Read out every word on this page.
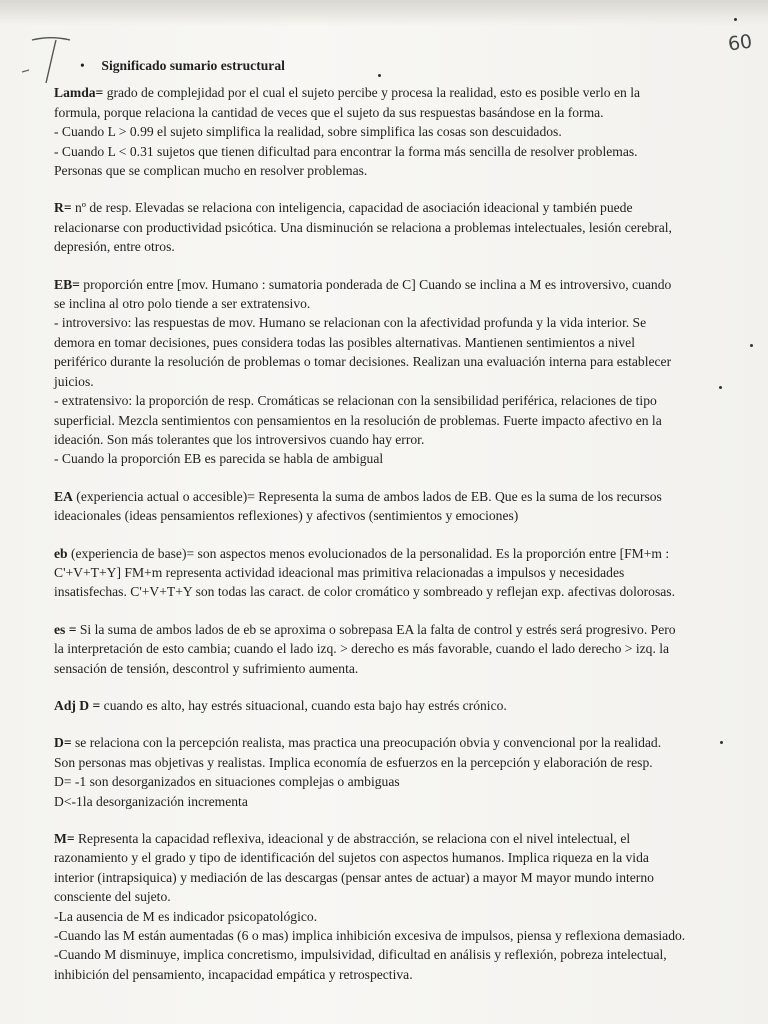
60
• Significado sumario estructural
Lamda= grado de complejidad por el cual el sujeto percibe y procesa la realidad, esto es posible verlo en la
formula, porque relaciona la cantidad de veces que el sujeto da sus respuestas basándose en la forma.
- Cuando L > 0.99 el sujeto simplifica la realidad, sobre simplifica las cosas son descuidados.
- Cuando L < 0.31 sujetos que tienen dificultad para encontrar la forma más sencilla de resolver problemas.
Personas que se complican mucho en resolver problemas.
R= nº de resp. Elevadas se relaciona con inteligencia, capacidad de asociación ideacional y también puede
relacionarse con productividad psicótica. Una disminución se relaciona a problemas intelectuales, lesión cerebral,
depresión, entre otros.
EB= proporción entre [mov. Humano : sumatoria ponderada de C] Cuando se inclina a M es introversivo, cuando
se inclina al otro polo tiende a ser extratensivo.
- introversivo: las respuestas de mov. Humano se relacionan con la afectividad profunda y la vida interior. Se
demora en tomar decisiones, pues considera todas las posibles alternativas. Mantienen sentimientos a nivel
periférico durante la resolución de problemas o tomar decisiones. Realizan una evaluación interna para establecer
juicios.
- extratensivo: la proporción de resp. Cromáticas se relacionan con la sensibilidad periférica, relaciones de tipo
superficial. Mezcla sentimientos con pensamientos en la resolución de problemas. Fuerte impacto afectivo en la
ideación. Son más tolerantes que los introversivos cuando hay error.
- Cuando la proporción EB es parecida se habla de ambigual
EA (experiencia actual o accesible)= Representa la suma de ambos lados de EB. Que es la suma de los recursos
ideacionales (ideas pensamientos reflexiones) y afectivos (sentimientos y emociones)
eb (experiencia de base)= son aspectos menos evolucionados de la personalidad. Es la proporción entre [FM+m :
C'+V+T+Y] FM+m representa actividad ideacional mas primitiva relacionadas a impulsos y necesidades
insatisfechas. C'+V+T+Y son todas las caract. de color cromático y sombreado y reflejan exp. afectivas dolorosas.
es = Si la suma de ambos lados de eb se aproxima o sobrepasa EA la falta de control y estrés será progresivo. Pero
la interpretación de esto cambia; cuando el lado izq. > derecho es más favorable, cuando el lado derecho > izq. la
sensación de tensión, descontrol y sufrimiento aumenta.
Adj D = cuando es alto, hay estrés situacional, cuando esta bajo hay estrés crónico.
D= se relaciona con la percepción realista, mas practica una preocupación obvia y convencional por la realidad.
Son personas mas objetivas y realistas. Implica economía de esfuerzos en la percepción y elaboración de resp.
D= -1 son desorganizados en situaciones complejas o ambiguas
D<-1la desorganización incrementa
M= Representa la capacidad reflexiva, ideacional y de abstracción, se relaciona con el nivel intelectual, el
razonamiento y el grado y tipo de identificación del sujetos con aspectos humanos. Implica riqueza en la vida
interior (intrapsiquica) y mediación de las descargas (pensar antes de actuar) a mayor M mayor mundo interno
consciente del sujeto.
-La ausencia de M es indicador psicopatológico.
-Cuando las M están aumentadas (6 o mas) implica inhibición excesiva de impulsos, piensa y reflexiona demasiado.
-Cuando M disminuye, implica concretismo, impulsividad, dificultad en análisis y reflexión, pobreza intelectual,
inhibición del pensamiento, incapacidad empática y retrospectiva.
